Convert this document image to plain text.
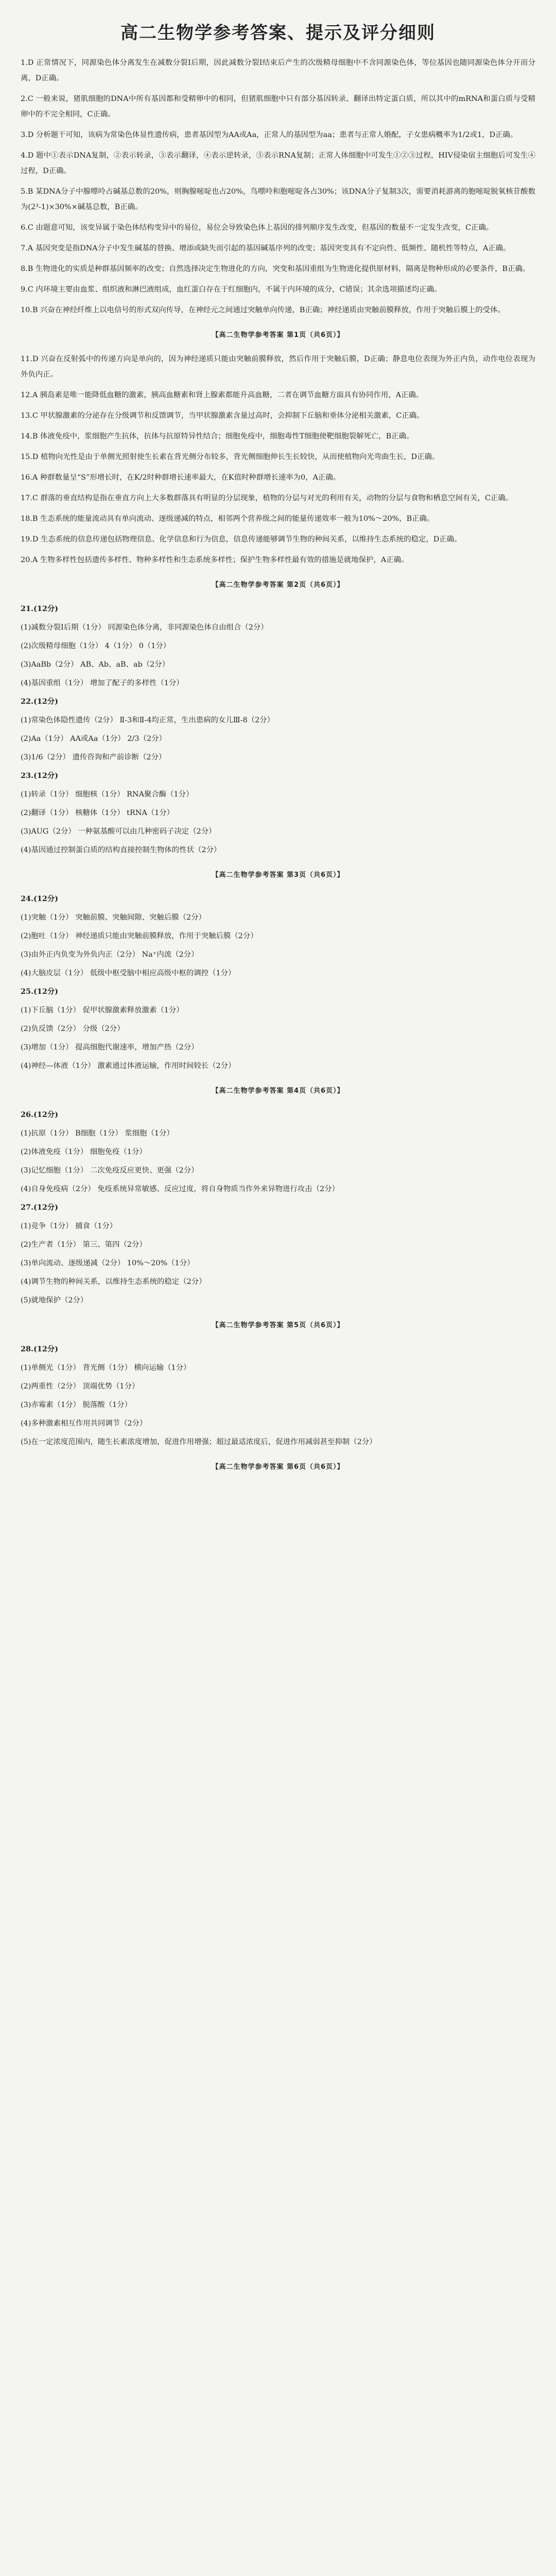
高二生物学参考答案、提示及评分细则

1.D 正常情况下，同源染色体分离发生在减数分裂Ⅰ后期，因此减数分裂Ⅰ结束后产生的次级精母细胞中不含同源染色体，等位基因也随同源染色体分开而分离，D正确。

2.C 一般来说，猪肌细胞的DNA中所有基因都和受精卵中的相同，但猪肌细胞中只有部分基因转录、翻译出特定蛋白质，所以其中的mRNA和蛋白质与受精卵中的不完全相同，C正确。

3.D 分析题干可知，该病为常染色体显性遗传病，患者基因型为AA或Aa，正常人的基因型为aa；患者与正常人婚配，子女患病概率为1/2或1，D正确。

4.D 题中①表示DNA复制，②表示转录，③表示翻译，④表示逆转录，⑤表示RNA复制；正常人体细胞中可发生①②③过程，HIV侵染宿主细胞后可发生④过程，D正确。

5.B 某DNA分子中腺嘌呤占碱基总数的20%，则胸腺嘧啶也占20%，鸟嘌呤和胞嘧啶各占30%；该DNA分子复制3次，需要消耗游离的胞嘧啶脱氧核苷酸数为(2³-1)×30%×碱基总数，B正确。

6.C 由题意可知，该变异属于染色体结构变异中的易位，易位会导致染色体上基因的排列顺序发生改变，但基因的数量不一定发生改变，C正确。

7.A 基因突变是指DNA分子中发生碱基的替换、增添或缺失而引起的基因碱基序列的改变；基因突变具有不定向性、低频性、随机性等特点，A正确。

8.B 生物进化的实质是种群基因频率的改变；自然选择决定生物进化的方向，突变和基因重组为生物进化提供原材料，隔离是物种形成的必要条件，B正确。

9.C 内环境主要由血浆、组织液和淋巴液组成，血红蛋白存在于红细胞内，不属于内环境的成分，C错误；其余选项描述均正确。

10.B 兴奋在神经纤维上以电信号的形式双向传导，在神经元之间通过突触单向传递，B正确；神经递质由突触前膜释放，作用于突触后膜上的受体。

【高二生物学参考答案 第1页（共6页）】

11.D 兴奋在反射弧中的传递方向是单向的，因为神经递质只能由突触前膜释放，然后作用于突触后膜，D正确；静息电位表现为外正内负，动作电位表现为外负内正。

12.A 胰岛素是唯一能降低血糖的激素，胰高血糖素和肾上腺素都能升高血糖，二者在调节血糖方面具有协同作用，A正确。

13.C 甲状腺激素的分泌存在分级调节和反馈调节，当甲状腺激素含量过高时，会抑制下丘脑和垂体分泌相关激素，C正确。

14.B 体液免疫中，浆细胞产生抗体，抗体与抗原特异性结合；细胞免疫中，细胞毒性T细胞使靶细胞裂解死亡，B正确。

15.D 植物向光性是由于单侧光照射使生长素在背光侧分布较多，背光侧细胞伸长生长较快，从而使植物向光弯曲生长，D正确。

16.A 种群数量呈“S”形增长时，在K/2时种群增长速率最大，在K值时种群增长速率为0，A正确。

17.C 群落的垂直结构是指在垂直方向上大多数群落具有明显的分层现象，植物的分层与对光的利用有关，动物的分层与食物和栖息空间有关，C正确。

18.B 生态系统的能量流动具有单向流动、逐级递减的特点，相邻两个营养级之间的能量传递效率一般为10%～20%，B正确。

19.D 生态系统的信息传递包括物理信息、化学信息和行为信息，信息传递能够调节生物的种间关系，以维持生态系统的稳定，D正确。

20.A 生物多样性包括遗传多样性、物种多样性和生态系统多样性；保护生物多样性最有效的措施是就地保护，A正确。

【高二生物学参考答案 第2页（共6页）】

21.(12分)

(1)减数分裂Ⅰ后期（1分） 同源染色体分离，非同源染色体自由组合（2分）

(2)次级精母细胞（1分） 4（1分） 0（1分）

(3)AaBb（2分） AB、Ab、aB、ab（2分）

(4)基因重组（1分） 增加了配子的多样性（1分）

22.(12分)

(1)常染色体隐性遗传（2分） Ⅱ-3和Ⅱ-4均正常，生出患病的女儿Ⅲ-8（2分）

(2)Aa（1分） AA或Aa（1分） 2/3（2分）

(3)1/6（2分） 遗传咨询和产前诊断（2分）

23.(12分)

(1)转录（1分） 细胞核（1分） RNA聚合酶（1分）

(2)翻译（1分） 核糖体（1分） tRNA（1分）

(3)AUG（2分） 一种氨基酸可以由几种密码子决定（2分）

(4)基因通过控制蛋白质的结构直接控制生物体的性状（2分）

【高二生物学参考答案 第3页（共6页）】

24.(12分)

(1)突触（1分） 突触前膜、突触间隙、突触后膜（2分）

(2)胞吐（1分） 神经递质只能由突触前膜释放，作用于突触后膜（2分）

(3)由外正内负变为外负内正（2分） Na⁺内流（2分）

(4)大脑皮层（1分） 低级中枢受脑中相应高级中枢的调控（1分）

25.(12分)

(1)下丘脑（1分） 促甲状腺激素释放激素（1分）

(2)负反馈（2分） 分级（2分）

(3)增加（1分） 提高细胞代谢速率，增加产热（2分）

(4)神经—体液（1分） 激素通过体液运输，作用时间较长（2分）

【高二生物学参考答案 第4页（共6页）】

26.(12分)

(1)抗原（1分） B细胞（1分） 浆细胞（1分）

(2)体液免疫（1分） 细胞免疫（1分）

(3)记忆细胞（1分） 二次免疫反应更快、更强（2分）

(4)自身免疫病（2分） 免疫系统异常敏感、反应过度，将自身物质当作外来异物进行攻击（2分）

27.(12分)

(1)竞争（1分） 捕食（1分）

(2)生产者（1分） 第三、第四（2分）

(3)单向流动、逐级递减（2分） 10%～20%（1分）

(4)调节生物的种间关系，以维持生态系统的稳定（2分）

(5)就地保护（2分）

【高二生物学参考答案 第5页（共6页）】

28.(12分)

(1)单侧光（1分） 背光侧（1分） 横向运输（1分）

(2)两重性（2分） 顶端优势（1分）

(3)赤霉素（1分） 脱落酸（1分）

(4)多种激素相互作用共同调节（2分）

(5)在一定浓度范围内，随生长素浓度增加，促进作用增强；超过最适浓度后，促进作用减弱甚至抑制（2分）

【高二生物学参考答案 第6页（共6页）】
